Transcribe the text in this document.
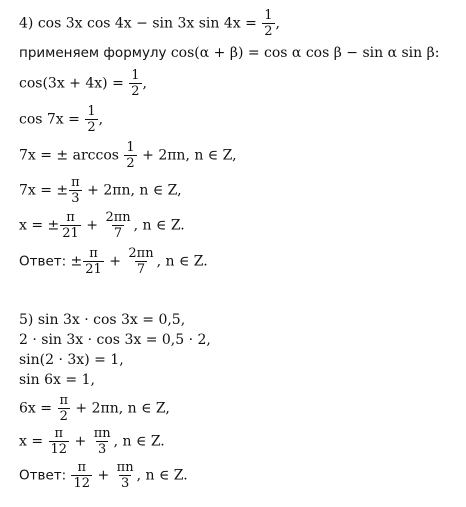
4) cos 3x cos 4x − sin 3x $\sin 4x = \frac{1}{2}$ ,
применяем формулу cos(α + β) = cos α cos β − sin α sin β:
$\cos(3x + 4x) = \frac{1}{2}$ ,
$\cos 7x = \frac{1}{2}$ ,
7x = ± $\arccos \frac{1}{2} + 2\pi n$, n ∈ Z,
7x = ± $\frac{\pi}{3} + 2\pi n$, n ∈ Z,
x = ± $\frac{\pi}{21} + \frac{2\pi n}{7}$ , n ∈ Z.
Ответ: ± $\frac{\pi}{21} + \frac{2\pi n}{7}$ , n ∈ Z.
5) sin 3x · cos 3x = 0,5,
2 · sin 3x · cos 3x = 0,5 · 2,
sin(2 · 3x) = 1,
sin 6x = 1,
$6x = \frac{\pi}{2} + 2\pi n$, n ∈ Z,
$x = \frac{\pi}{12} + \frac{\pi n}{3}$ , n ∈ Z.
Ответ: $\frac{\pi}{12} + \frac{\pi n}{3}$ , n ∈ Z.
